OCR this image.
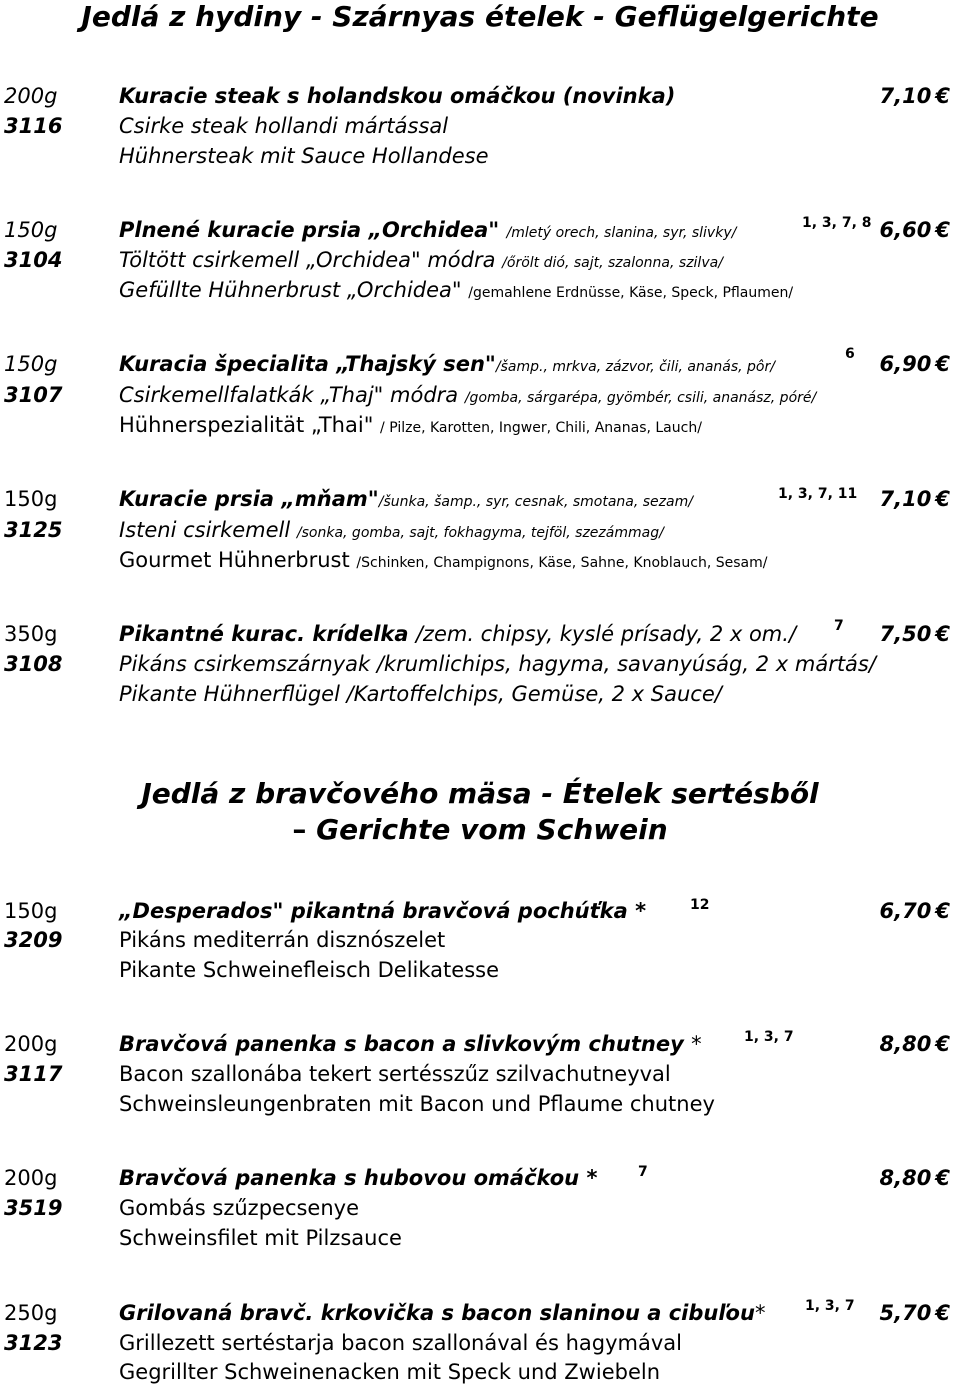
Jedlá z hydiny - Szárnyas ételek - Geflügelgerichte
200g	Kuracie steak s holandskou omáčkou (novinka)	7,10 €
3116	Csirke steak hollandi mártással
Hühnersteak mit Sauce Hollandese
150g	Plnené kuracie prsia „Orchidea" /mletý orech, slanina, syr, slivky/
1, 3, 7, 8 6,60 €
3104	Töltött csirkemell „Orchidea" módra /őrölt dió, sajt, szalonna, szilva/
Gefüllte Hühnerbrust „Orchidea" /gemahlene Erdnüsse, Käse, Speck, Pflaumen/
150g	Kuracia špecialita „Thajský sen"/šamp., mrkva, zázvor, čili, ananás, pôr/
6 6,90 €
3107	Csirkemellfalatkák „Thaj" módra /gomba, sárgarépa, gyömbér, csili, ananász, póré/
Hühnerspezialität „Thai" / Pilze, Karotten, Ingwer, Chili, Ananas, Lauch/
150g	Kuracie prsia „mňam"/šunka, šamp., syr, cesnak, smotana, sezam/	1, 3, 7, 11 7,10 €
3125	Isteni csirkemell /sonka, gomba, sajt, fokhagyma, tejföl, szezámmag/
Gourmet Hühnerbrust /Schinken, Champignons, Käse, Sahne, Knoblauch, Sesam/
350g	Pikantné kurac. krídelka /zem. chipsy, kyslé prísady, 2 x om./	7 7,50 €
3108	Pikáns csirkemszárnyak /krumlichips, hagyma, savanyúság, 2 x mártás/
Pikante Hühnerflügel /Kartoffelchips, Gemüse, 2 x Sauce/
Jedlá z bravčového mäsa - Ételek sertésből
– Gerichte vom Schwein
150g	„Desperados" pikantná bravčová pochúťka *	12	6,70 €
3209	Pikáns mediterrán disznószelet
Pikante Schweinefleisch Delikatesse
200g	Bravčová panenka s bacon a slivkovým chutney *	1, 3, 7	8,80 €
3117	Bacon szallonába tekert sertésszűz szilvachutneyval
Schweinsleungenbraten mit Bacon und Pflaume chutney
200g	Bravčová panenka s hubovou omáčkou *	7	8,80 €
3519	Gombás szűzpecsenye
Schweinsfilet mit Pilzsauce
250g	Grilovaná bravč. krkovička s bacon slaninou a cibuľou*	1, 3, 7 5,70 €
3123	Grillezett sertéstarja bacon szallonával és hagymával
Gegrillter Schweinenacken mit Speck und Zwiebeln
